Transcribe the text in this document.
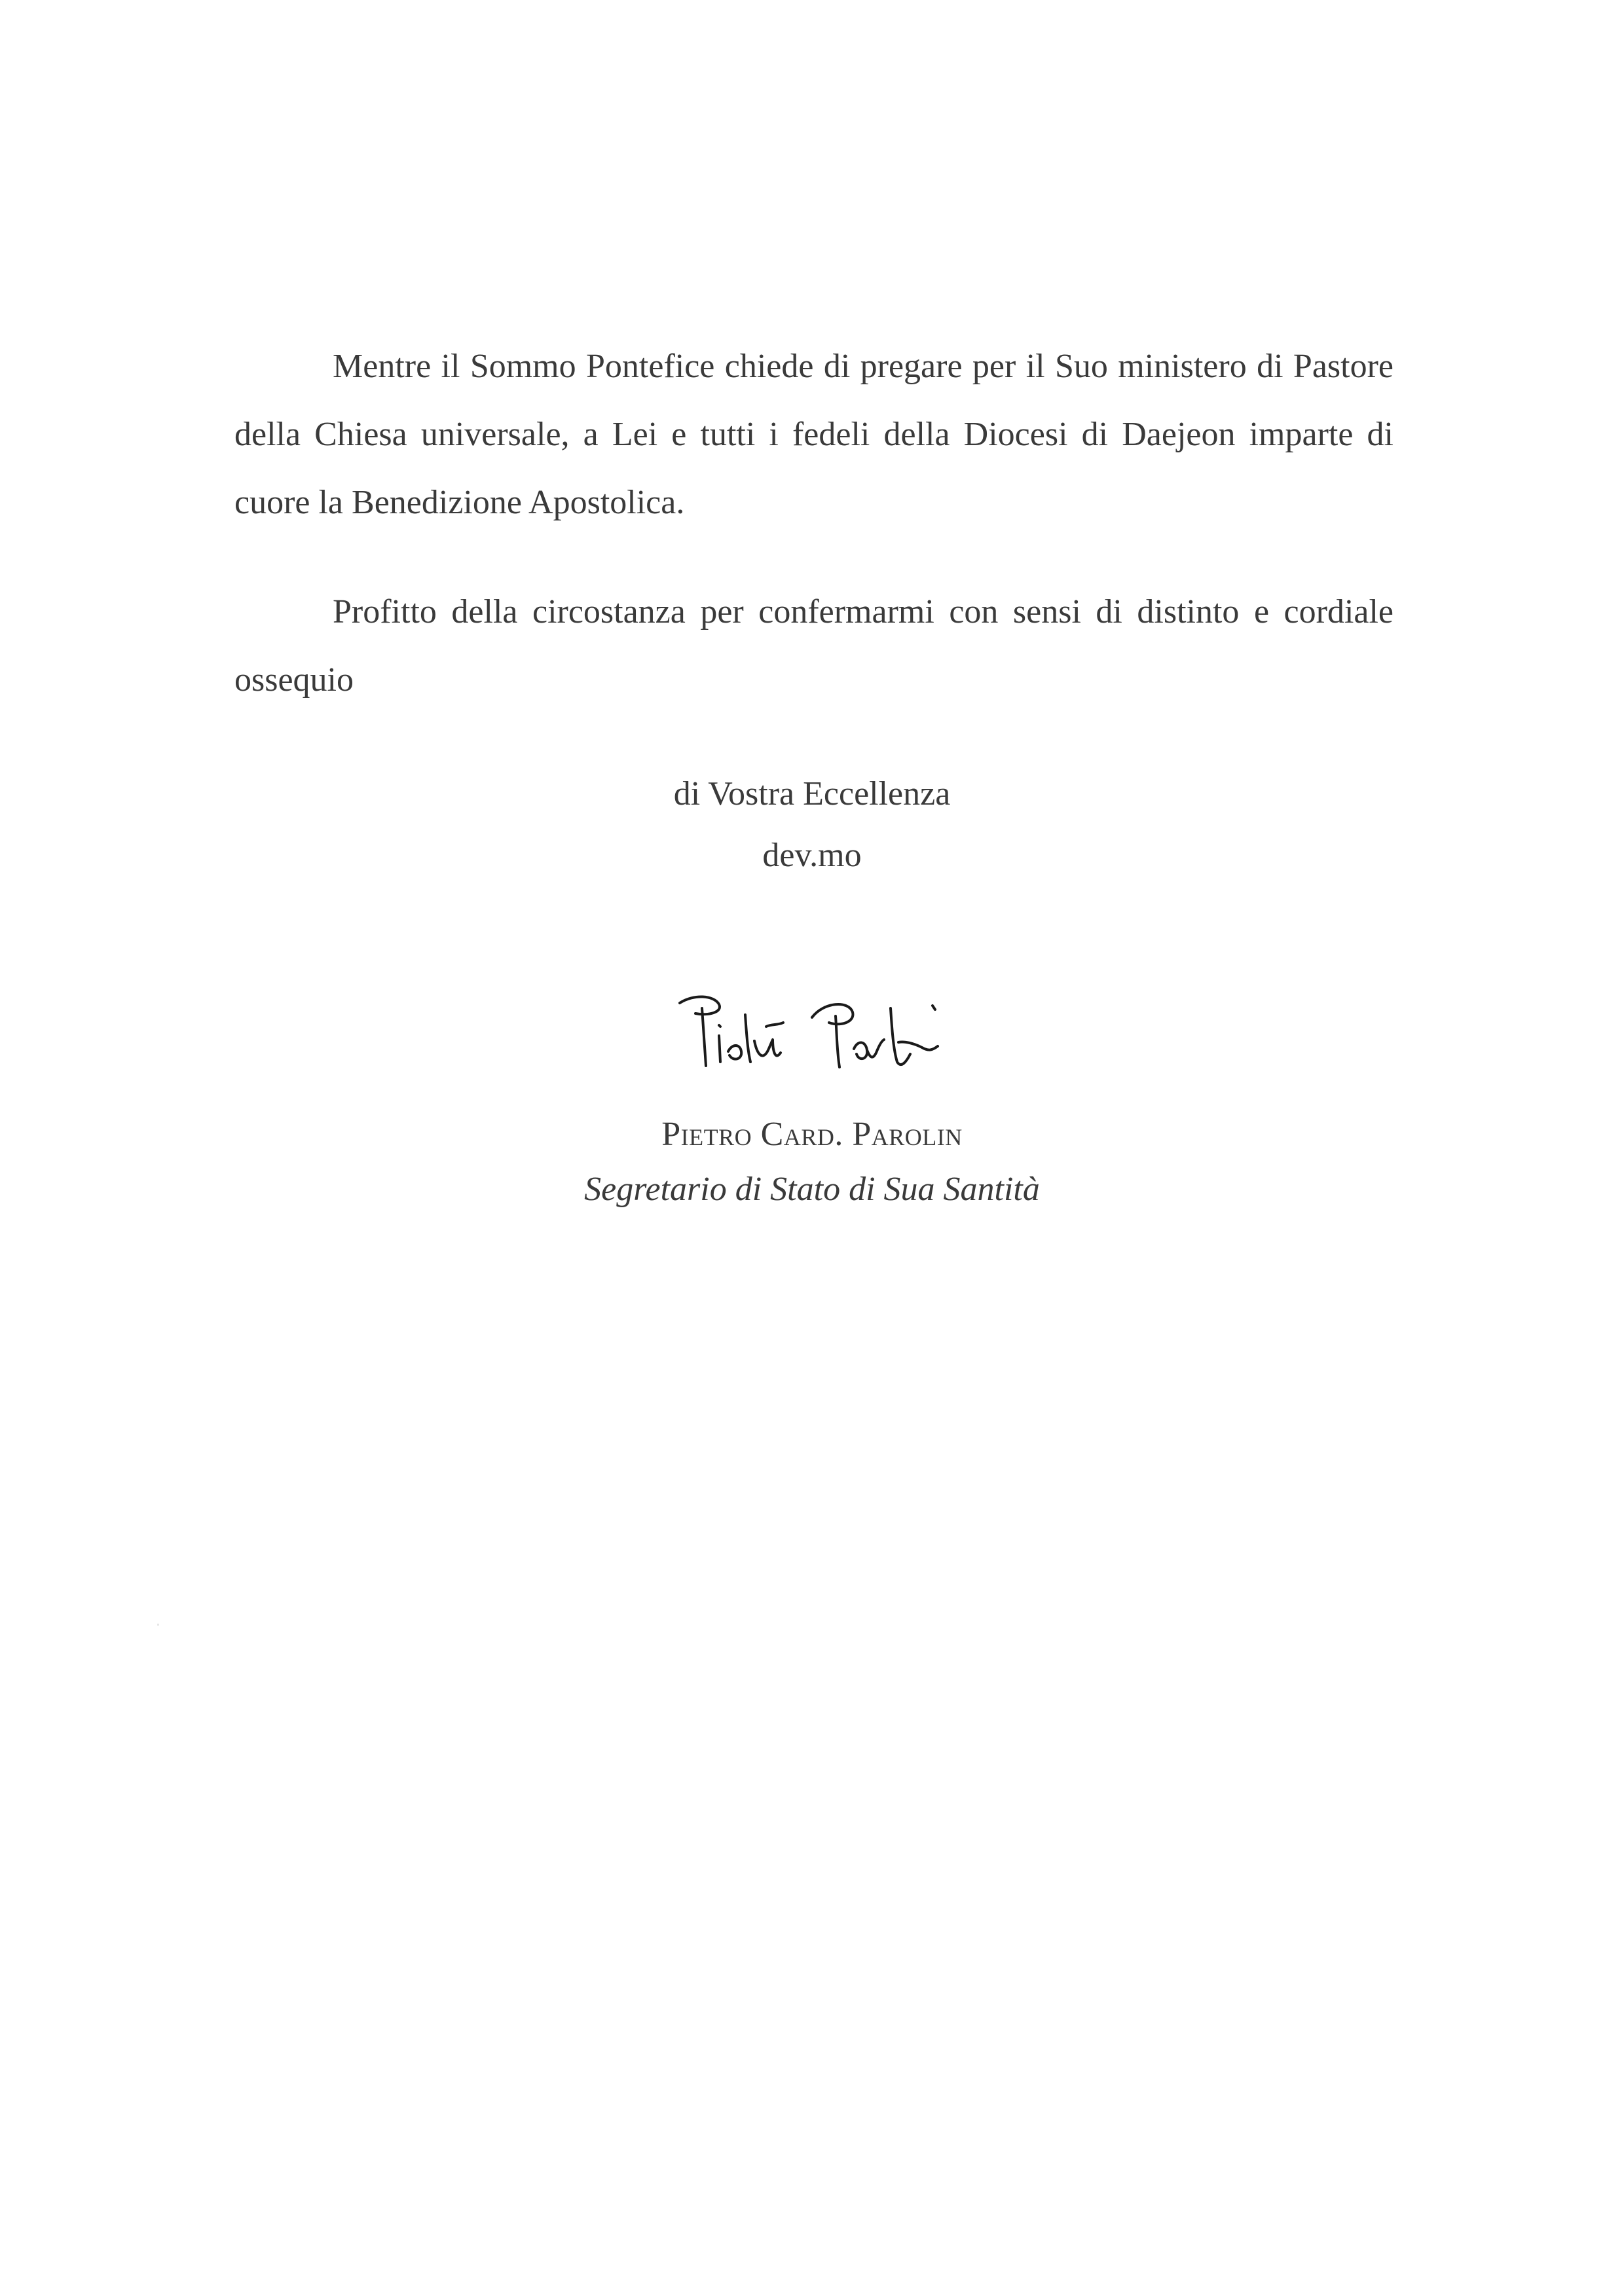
Mentre il Sommo Pontefice chiede di pregare per il Suo ministero di Pastore della Chiesa universale, a Lei e tutti i fedeli della Diocesi di Daejeon imparte di cuore la Benedizione Apostolica.

Profitto della circostanza per confermarmi con sensi di distinto e cordiale ossequio

di Vostra Eccellenza
dev.mo
Pietro Card. Parolin
Segretario di Stato di Sua Santità
